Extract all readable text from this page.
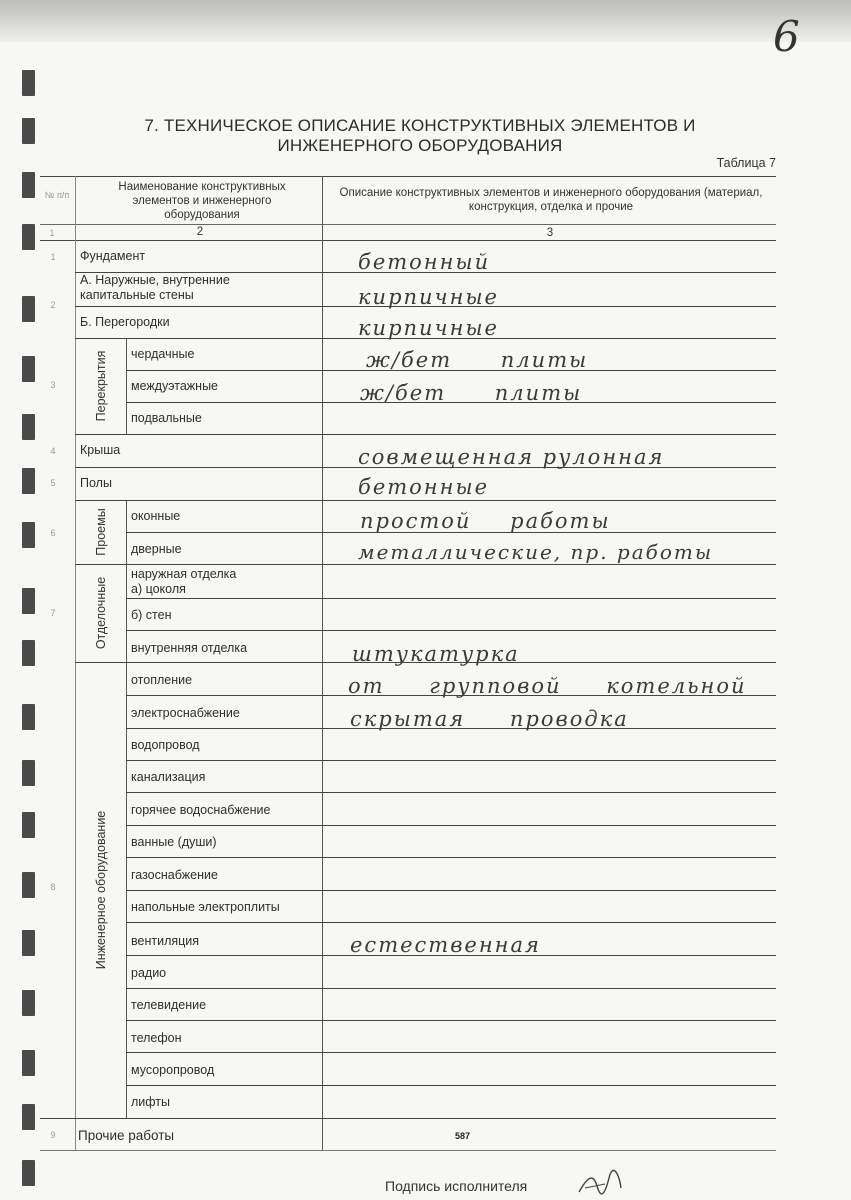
6
7. ТЕХНИЧЕСКОЕ ОПИСАНИЕ КОНСТРУКТИВНЫХ ЭЛЕМЕНТОВ И
ИНЖЕНЕРНОГО ОБОРУДОВАНИЯ
Таблица 7
№ п/п
Наименование конструктивных элементов и инженерного оборудования
Описание конструктивных элементов и инженерного оборудования (материал, конструкция, отделка и прочие
1	2	3
1
2
3
4
5
6
7
8
9
Перекрытия
Проемы
Отделочные
Инженерное оборудование
Фундамент
А. Наружные, внутренние
капитальные стены
Б. Перегородки
чердачные
междуэтажные
подвальные
Крыша
Полы
оконные
дверные
наружная отделка
а) цоколя
б) стен
внутренняя отделка
отопление
электроснабжение
водопровод
канализация
горячее водоснабжение
ванные (души)
газоснабжение
напольные электроплиты
вентиляция
радио
телевидение
телефон
мусоропровод
лифты
Прочие работы
бетонный
кирпичные
кирпичные
ж/бет плиты
ж/бет плиты
совмещенная рулонная
бетонные
простой работы
металлические, пр. работы
штукатурка
от групповой котельной
скрытая проводка
естественная
587
Подпись исполнителя
